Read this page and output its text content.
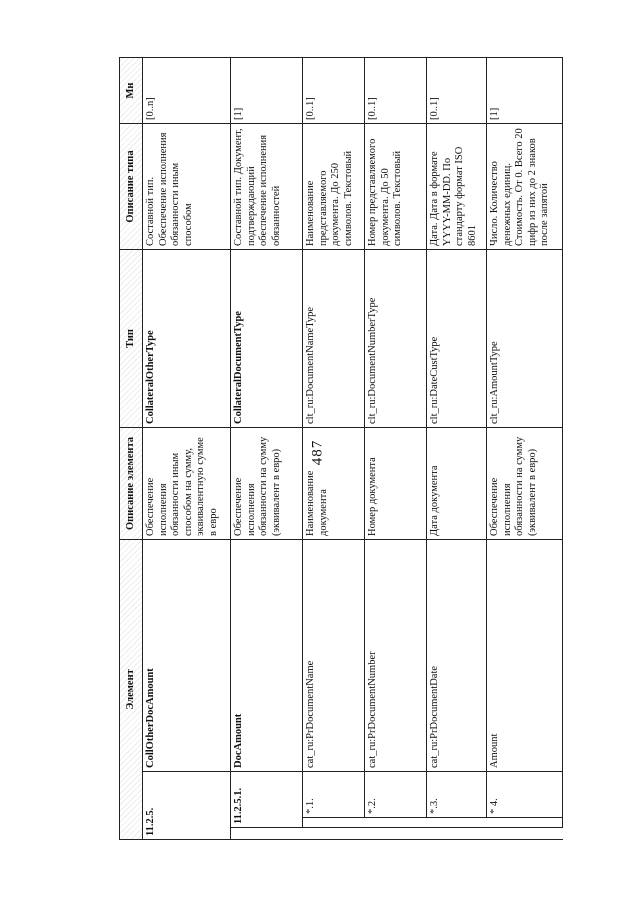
487
Элемент				Описание элемента	Тип	Описание типа	Мн
11.2.5.			CollOtherDocAmount	Обеспечение исполнения обязанности иным способом на сумму, эквивалентную сумме в евро	CollateralOtherType	Составной тип. Обеспечение исполнения обязанности иным способом	[0..n]
	11.2.5.1.		DocAmount	Обеспечение исполнения обязанности на сумму (эквивалент в евро)	CollateralDocumentType	Составной тип. Документ, подтверждающий обеспечение исполнения обязанностей	[1]
		*.1.	cat_ru:PrDocumentName	Наименование документа	clt_ru:DocumentNameType	Наименование представляемого документа. До 250 символов. Текстовый	[0..1]
		*.2.	cat_ru:PrDocumentNumber	Номер документа	clt_ru:DocumentNumberType	Номер представляемого документа. До 50 символов. Текстовый	[0..1]
		*.3.	cat_ru:PrDocumentDate	Дата документа	clt_ru:DateCustType	Дата. Дата в формате YYYY-MM-DD. По стандарту формат ISO 8601	[0..1]
		* 4.	Amount	Обеспечение исполнения обязанности на сумму (эквивалент в евро)	clt_ru:AmountType	Число. Количество денежных единиц. Стоимость. От 0. Всего 20 цифр из них до 2 знаков после запятой	[1]
